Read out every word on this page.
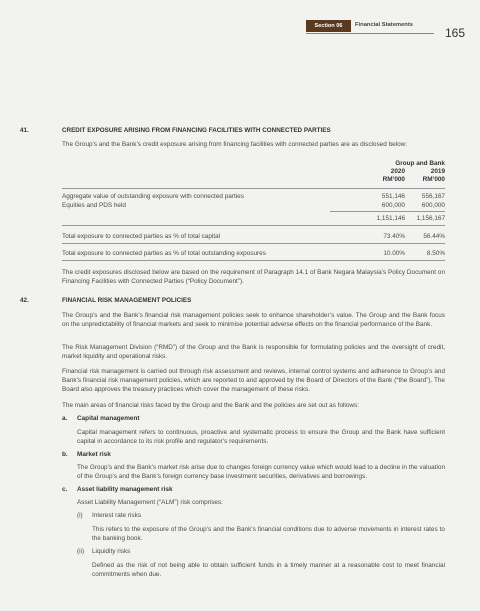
Section 06	Financial Statements
165
41.	CREDIT EXPOSURE ARISING FROM FINANCING FACILITIES WITH CONNECTED PARTIES
The Group’s and the Bank’s credit exposure arising from financing facilities with connected parties are as disclosed below:
Group and Bank
2020	2019
RM’000	RM’000
Aggregate value of outstanding exposure with connected parties	551,146	556,167
Equities and PDS held	600,000	600,000
1,151,146	1,156,167
Total exposure to connected parties as % of total capital	73.40%	56.44%
Total exposure to connected parties as % of total outstanding exposures	10.00%	8.50%
The credit exposures disclosed below are based on the requirement of Paragraph 14.1 of Bank Negara Malaysia’s Policy Document on Financing Facilities with Connected Parties (“Policy Document”).
42.	FINANCIAL RISK MANAGEMENT POLICIES
The Group’s and the Bank’s financial risk management policies seek to enhance shareholder’s value. The Group and the Bank focus on the unpredictability of financial markets and seek to minimise potential adverse effects on the financial performance of the Bank.
The Risk Management Division (“RMD”) of the Group and the Bank is responsible for formulating policies and the oversight of credit, market liquidity and operational risks.
Financial risk management is carried out through risk assessment and reviews, internal control systems and adherence to Group’s and Bank’s financial risk management policies, which are reported to and approved by the Board of Directors of the Bank (“the Board”). The Board also approves the treasury practices which cover the management of these risks.
The main areas of financial risks faced by the Group and the Bank and the policies are set out as follows:
a. Capital management
Capital management refers to continuous, proactive and systematic process to ensure the Group and the Bank have sufficient capital in accordance to its risk profile and regulator’s requirements.
b. Market risk
The Group’s and the Bank’s market risk arise due to changes foreign currency value which would lead to a decline in the valuation of the Group’s and the Bank’s foreign currency base investment securities, derivatives and borrowings.
c. Asset liability management risk
Asset Liability Management (“ALM”) risk comprises:
(i) Interest rate risks
This refers to the exposure of the Group’s and the Bank’s financial conditions due to adverse movements in interest rates to the banking book.
(ii) Liquidity risks
Defined as the risk of not being able to obtain sufficient funds in a timely manner at a reasonable cost to meet financial commitments when due.
